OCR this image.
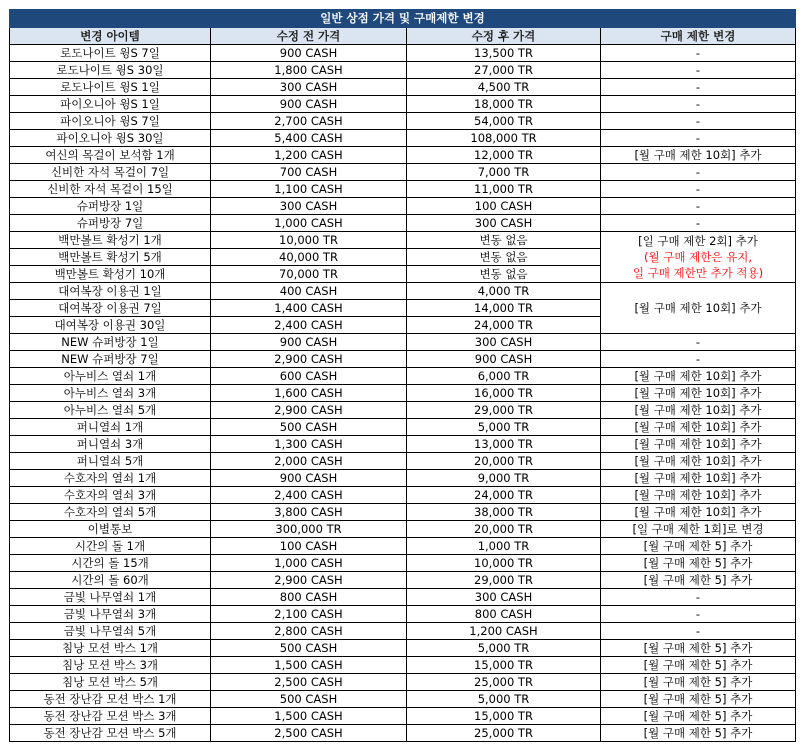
일반 상점 가격 및 구매제한 변경			
변경 아이템	수정 전 가격	수정 후 가격	구매 제한 변경
로도나이트 윙S 7일	900 CASH	13,500 TR	-
로도나이트 윙S 30일	1,800 CASH	27,000 TR	-
로도나이트 윙S 1일	300 CASH	4,500 TR	-
파이오니아 윙S 1일	900 CASH	18,000 TR	-
파이오니아 윙S 7일	2,700 CASH	54,000 TR	-
파이오니아 윙S 30일	5,400 CASH	108,000 TR	-
여신의 목걸이 보석함 1개	1,200 CASH	12,000 TR	[월 구매 제한 10회] 추가
신비한 자석 목걸이 7일	700 CASH	7,000 TR	-
신비한 자석 목걸이 15일	1,100 CASH	11,000 TR	-
슈퍼방장 1일	300 CASH	100 CASH	-
슈퍼방장 7일	1,000 CASH	300 CASH	-
백만볼트 확성기 1개	10,000 TR	변동 없음	[일 구매 제한 2회] 추가
(월 구매 제한은 유지,
일 구매 제한만 추가 적용)

백만볼트 확성기 5개	40,000 TR	변동 없음	
백만볼트 확성기 10개	70,000 TR	변동 없음	
대여복장 이용권 1일	400 CASH	4,000 TR	[월 구매 제한 10회] 추가
대여복장 이용권 7일	1,400 CASH	14,000 TR	
대여복장 이용권 30일	2,400 CASH	24,000 TR	
NEW 슈퍼방장 1일	900 CASH	300 CASH	-
NEW 슈퍼방장 7일	2,900 CASH	900 CASH	-
아누비스 열쇠 1개	600 CASH	6,000 TR	[월 구매 제한 10회] 추가
아누비스 열쇠 3개	1,600 CASH	16,000 TR	[월 구매 제한 10회] 추가
아누비스 열쇠 5개	2,900 CASH	29,000 TR	[월 구매 제한 10회] 추가
퍼니열쇠 1개	500 CASH	5,000 TR	[월 구매 제한 10회] 추가
퍼니열쇠 3개	1,300 CASH	13,000 TR	[월 구매 제한 10회] 추가
퍼니열쇠 5개	2,000 CASH	20,000 TR	[월 구매 제한 10회] 추가
수호자의 열쇠 1개	900 CASH	9,000 TR	[월 구매 제한 10회] 추가
수호자의 열쇠 3개	2,400 CASH	24,000 TR	[월 구매 제한 10회] 추가
수호자의 열쇠 5개	3,800 CASH	38,000 TR	[월 구매 제한 10회] 추가
이별통보	300,000 TR	20,000 TR	[일 구매 제한 1회]로 변경
시간의 돌 1개	100 CASH	1,000 TR	[월 구매 제한 5] 추가
시간의 돌 15개	1,000 CASH	10,000 TR	[월 구매 제한 5] 추가
시간의 돌 60개	2,900 CASH	29,000 TR	[월 구매 제한 5] 추가
금빛 나무열쇠 1개	800 CASH	300 CASH	-
금빛 나무열쇠 3개	2,100 CASH	800 CASH	-
금빛 나무열쇠 5개	2,800 CASH	1,200 CASH	-
침낭 모션 박스 1개	500 CASH	5,000 TR	[월 구매 제한 5] 추가
침낭 모션 박스 3개	1,500 CASH	15,000 TR	[월 구매 제한 5] 추가
침낭 모션 박스 5개	2,500 CASH	25,000 TR	[월 구매 제한 5] 추가
동전 장난감 모션 박스 1개	500 CASH	5,000 TR	[월 구매 제한 5] 추가
동전 장난감 모션 박스 3개	1,500 CASH	15,000 TR	[월 구매 제한 5] 추가
동전 장난감 모션 박스 5개	2,500 CASH	25,000 TR	[월 구매 제한 5] 추가
